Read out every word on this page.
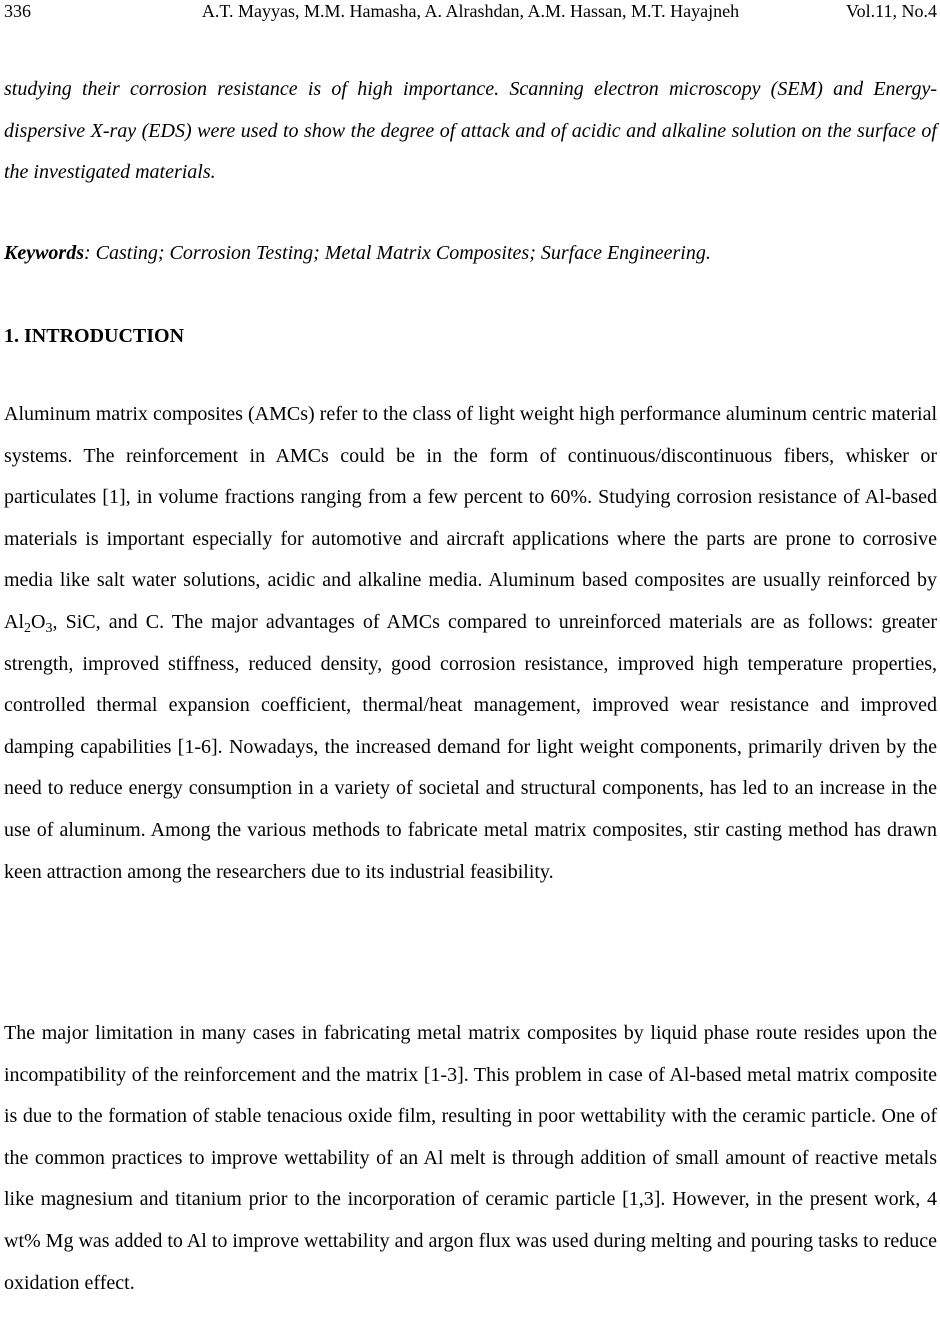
336	A.T. Mayyas, M.M. Hamasha, A. Alrashdan, A.M. Hassan, M.T. Hayajneh	Vol.11, No.4

studying their corrosion resistance is of high importance. Scanning electron microscopy (SEM) and Energy-dispersive X-ray (EDS) were used to show the degree of attack and of acidic and alkaline solution on the surface of the investigated materials.

Keywords: Casting; Corrosion Testing; Metal Matrix Composites; Surface Engineering.

1. INTRODUCTION

Aluminum matrix composites (AMCs) refer to the class of light weight high performance aluminum centric material systems. The reinforcement in AMCs could be in the form of continuous/discontinuous fibers, whisker or particulates [1], in volume fractions ranging from a few percent to 60%. Studying corrosion resistance of Al-based materials is important especially for automotive and aircraft applications where the parts are prone to corrosive media like salt water solutions, acidic and alkaline media. Aluminum based composites are usually reinforced by $Al_2O_3$, SiC, and C. The major advantages of AMCs compared to unreinforced materials are as follows: greater strength, improved stiffness, reduced density, good corrosion resistance, improved high temperature properties, controlled thermal expansion coefficient, thermal/heat management, improved wear resistance and improved damping capabilities [1-6]. Nowadays, the increased demand for light weight components, primarily driven by the need to reduce energy consumption in a variety of societal and structural components, has led to an increase in the use of aluminum. Among the various methods to fabricate metal matrix composites, stir casting method has drawn keen attraction among the researchers due to its industrial feasibility.

The major limitation in many cases in fabricating metal matrix composites by liquid phase route resides upon the incompatibility of the reinforcement and the matrix [1-3]. This problem in case of Al-based metal matrix composite is due to the formation of stable tenacious oxide film, resulting in poor wettability with the ceramic particle. One of the common practices to improve wettability of an Al melt is through addition of small amount of reactive metals like magnesium and titanium prior to the incorporation of ceramic particle [1,3]. However, in the present work, 4 wt% Mg was added to Al to improve wettability and argon flux was used during melting and pouring tasks to reduce oxidation effect.
